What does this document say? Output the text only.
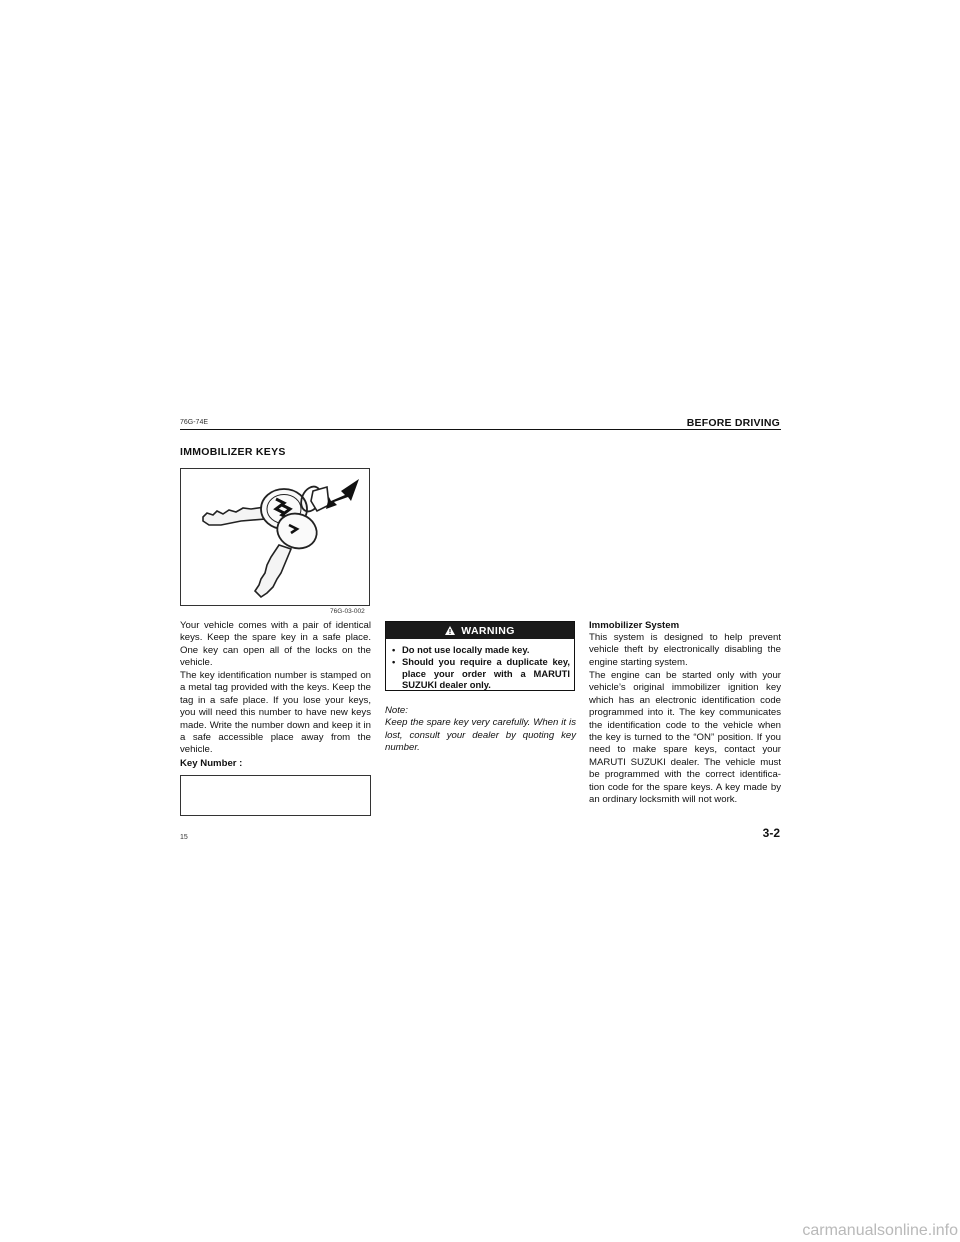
76G-74E	BEFORE DRIVING
IMMOBILIZER KEYS
76G-03-002
Your vehicle comes with a pair of identical keys. Keep the spare key in a safe place. One key can open all of the locks on the vehicle.
The key identification number is stamped on a metal tag provided with the keys. Keep the tag in a safe place. If you lose your keys, you will need this number to have new keys made. Write the number down and keep it in a safe accessible place away from the vehicle.
Key Number :
WARNING
• Do not use locally made key.
• Should you require a duplicate key, place your order with a MARUTI SUZUKI dealer only.
Note:
Keep the spare key very carefully. When it is lost, consult your dealer by quoting key number.
Immobilizer System
This system is designed to help prevent vehicle theft by electronically disabling the engine starting system.
The engine can be started only with your vehicle’s original immobilizer ignition key which has an electronic identification code programmed into it. The key communicates the identification code to the vehicle when the key is turned to the “ON” position. If you need to make spare keys, contact your MARUTI SUZUKI dealer. The vehicle must be programmed with the correct identifica-tion code for the spare keys. A key made by an ordinary locksmith will not work.
15	3-2
carmanualsonline.info
